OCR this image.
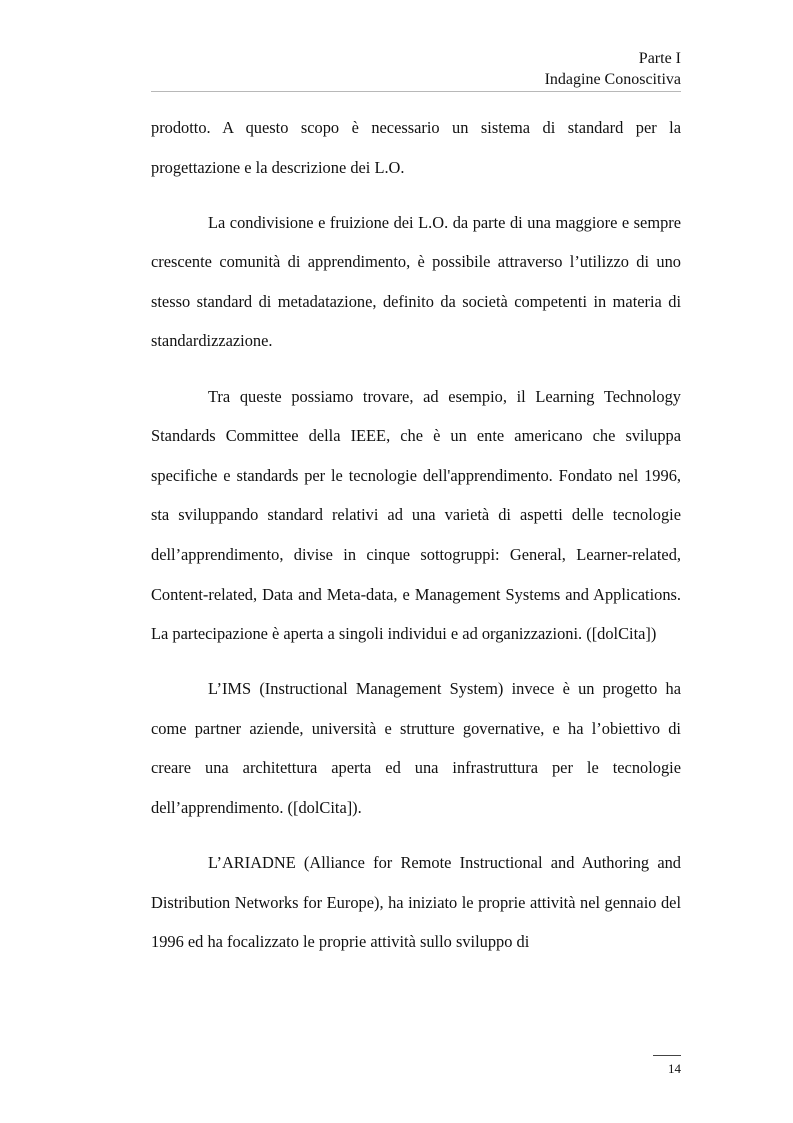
Parte I
Indagine Conoscitiva

prodotto. A questo scopo è necessario un sistema di standard per la progettazione e la descrizione dei L.O.

La condivisione e fruizione dei L.O. da parte di una maggiore e sempre crescente comunità di apprendimento, è possibile attraverso l’utilizzo di uno stesso standard di metadatazione, definito da società competenti in materia di standardizzazione.

Tra queste possiamo trovare, ad esempio, il Learning Technology Standards Committee della IEEE, che è un ente americano che sviluppa specifiche e standards per le tecnologie dell'apprendimento. Fondato nel 1996, sta sviluppando standard relativi ad una varietà di aspetti delle tecnologie dell’apprendimento, divise in cinque sottogruppi: General, Learner-related, Content-related, Data and Meta-data, e Management Systems and Applications. La partecipazione è aperta a singoli individui e ad organizzazioni. ([dolCita])

L’IMS (Instructional Management System) invece è un progetto ha come partner aziende, università e strutture governative, e ha l’obiettivo di creare una architettura aperta ed una infrastruttura per le tecnologie dell’apprendimento. ([dolCita]).

L’ARIADNE (Alliance for Remote Instructional and Authoring and Distribution Networks for Europe), ha iniziato le proprie attività nel gennaio del 1996 ed ha focalizzato le proprie attività sullo sviluppo di

14
